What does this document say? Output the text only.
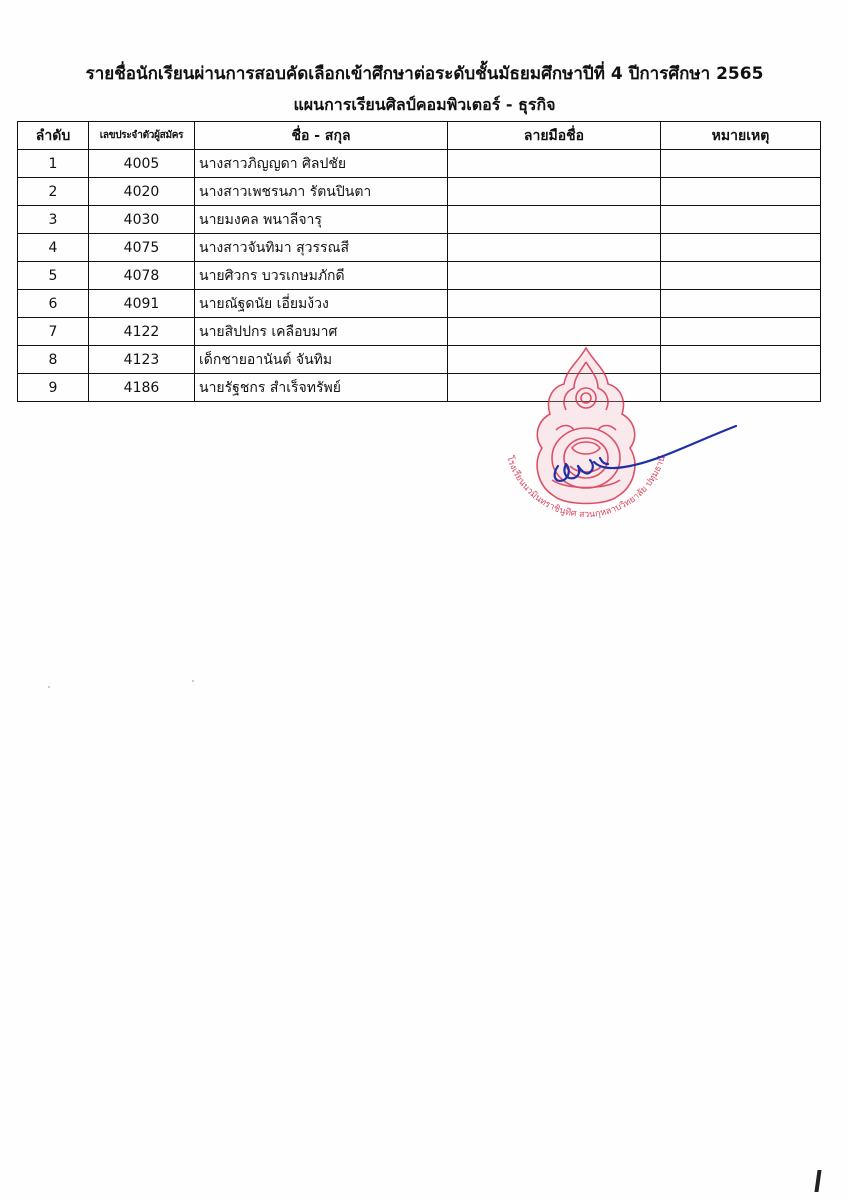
รายชื่อนักเรียนผ่านการสอบคัดเลือกเข้าศึกษาต่อระดับชั้นมัธยมศึกษาปีที่ 4 ปีการศึกษา 2565
แผนการเรียนศิลป์คอมพิวเตอร์ - ธุรกิจ
ลำดับ	เลขประจำตัวผู้สมัคร	ชื่อ - สกุล	ลายมือชื่อ	หมายเหตุ
1	4005	นางสาวภิญญดา ศิลปชัย		
2	4020	นางสาวเพชรนภา รัตนปินตา		
3	4030	นายมงคล พนาลีจารุ		
4	4075	นางสาวจันทิมา สุวรรณสี		
5	4078	นายศิวกร บวรเกษมภักดี		
6	4091	นายณัฐดนัย เอี่ยมง้วง		
7	4122	นายสิปปกร เคลือบมาศ		
8	4123	เด็กชายอานันต์ จันทิม		
9	4186	นายรัฐชกร สำเร็จทรัพย์		
โรงเรียนนวมินทราชินูทิศ สวนกุหลาบวิทยาลัย ปทุมธานี
